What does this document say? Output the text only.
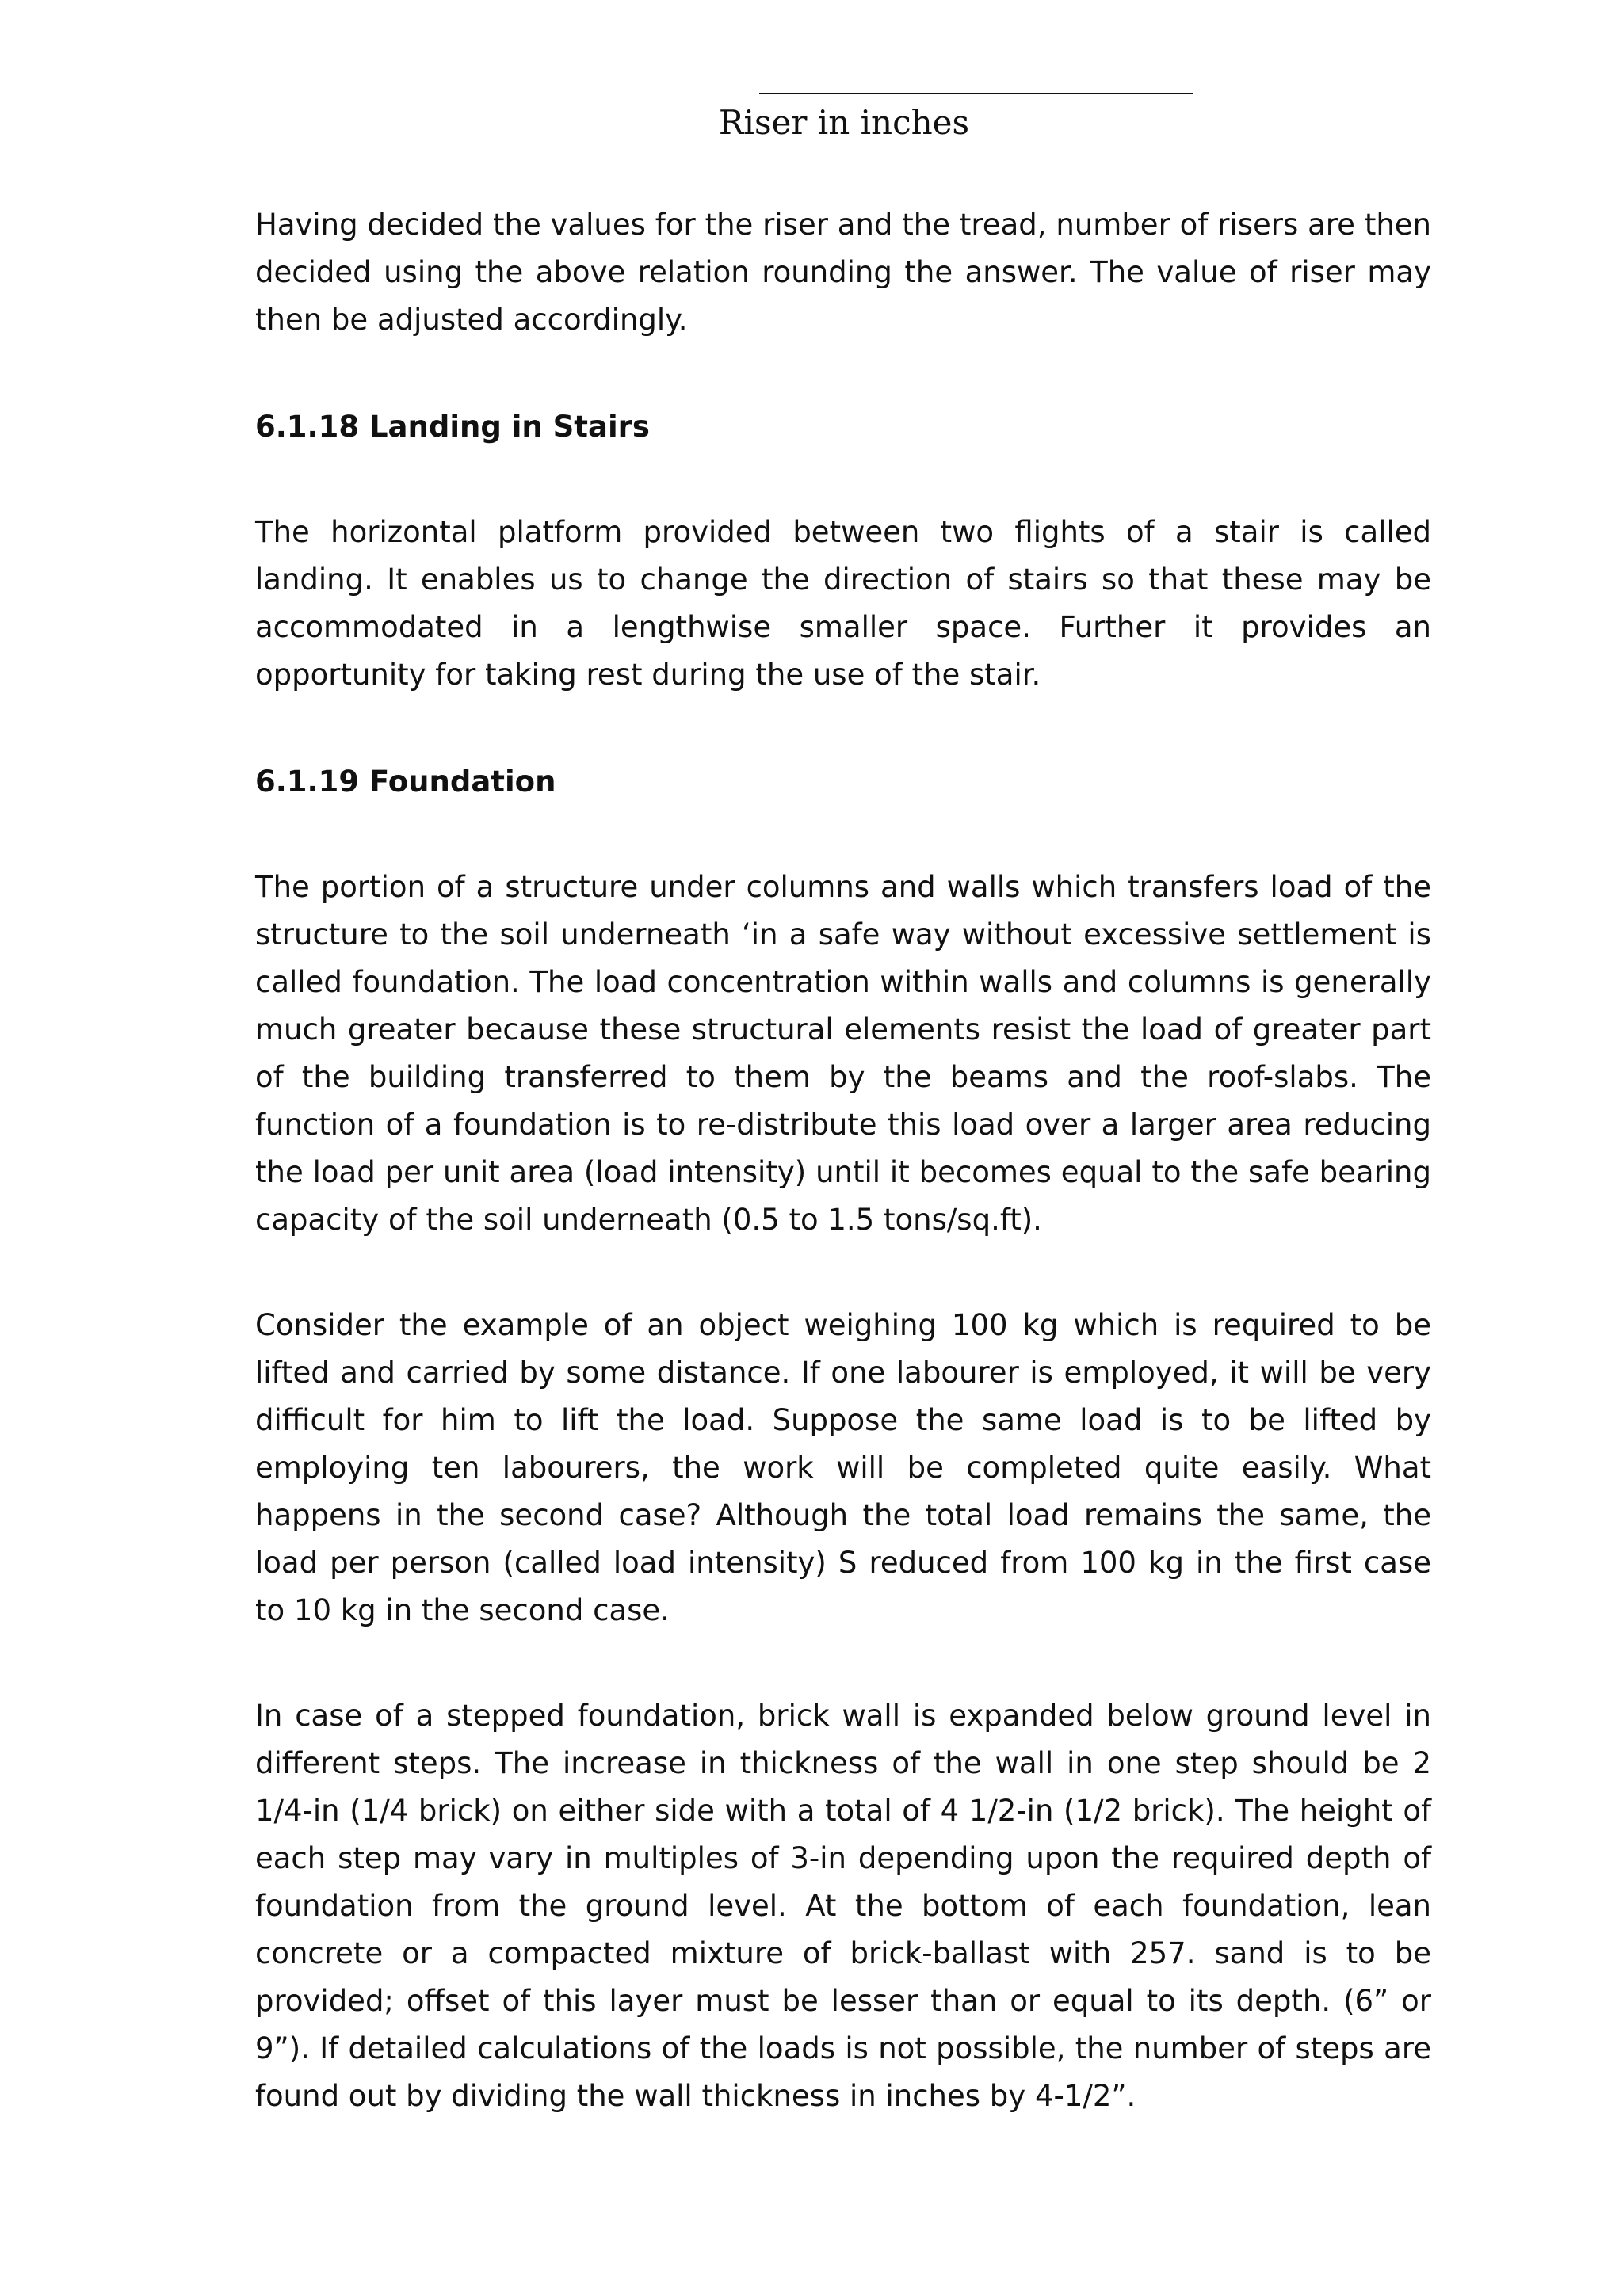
Riser in inches

Having decided the values for the riser and the tread, number of risers are then decided using the above relation rounding the answer. The value of riser may then be adjusted accordingly.

6.1.18 Landing in Stairs

The horizontal platform provided between two flights of a stair is called landing. It enables us to change the direction of stairs so that these may be accommodated in a lengthwise smaller space. Further it provides an opportunity for taking rest during the use of the stair.

6.1.19 Foundation

The portion of a structure under columns and walls which transfers load of the structure to the soil underneath ‘in a safe way without excessive settlement is called foundation. The load concentration within walls and columns is generally much greater because these structural elements resist the load of greater part of the building transferred to them by the beams and the roof-slabs. The function of a foundation is to re-distribute this load over a larger area reducing the load per unit area (load intensity) until it becomes equal to the safe bearing capacity of the soil underneath (0.5 to 1.5 tons/sq.ft).

Consider the example of an object weighing 100 kg which is required to be lifted and carried by some distance. If one labourer is employed, it will be very difficult for him to lift the load. Suppose the same load is to be lifted by employing ten labourers, the work will be completed quite easily. What happens in the second case? Although the total load remains the same, the load per person (called load intensity) S reduced from 100 kg in the first case to 10 kg in the second case.

In case of a stepped foundation, brick wall is expanded below ground level in different steps. The increase in thickness of the wall in one step should be 2 1/4-in (1/4 brick) on either side with a total of 4 1/2-in (1/2 brick). The height of each step may vary in multiples of 3-in depending upon the required depth of foundation from the ground level. At the bottom of each foundation, lean concrete or a compacted mixture of brick-ballast with 257. sand is to be provided; offset of this layer must be lesser than or equal to its depth. (6” or 9”). If detailed calculations of the loads is not possible, the number of steps are found out by dividing the wall thickness in inches by 4-1/2”.
